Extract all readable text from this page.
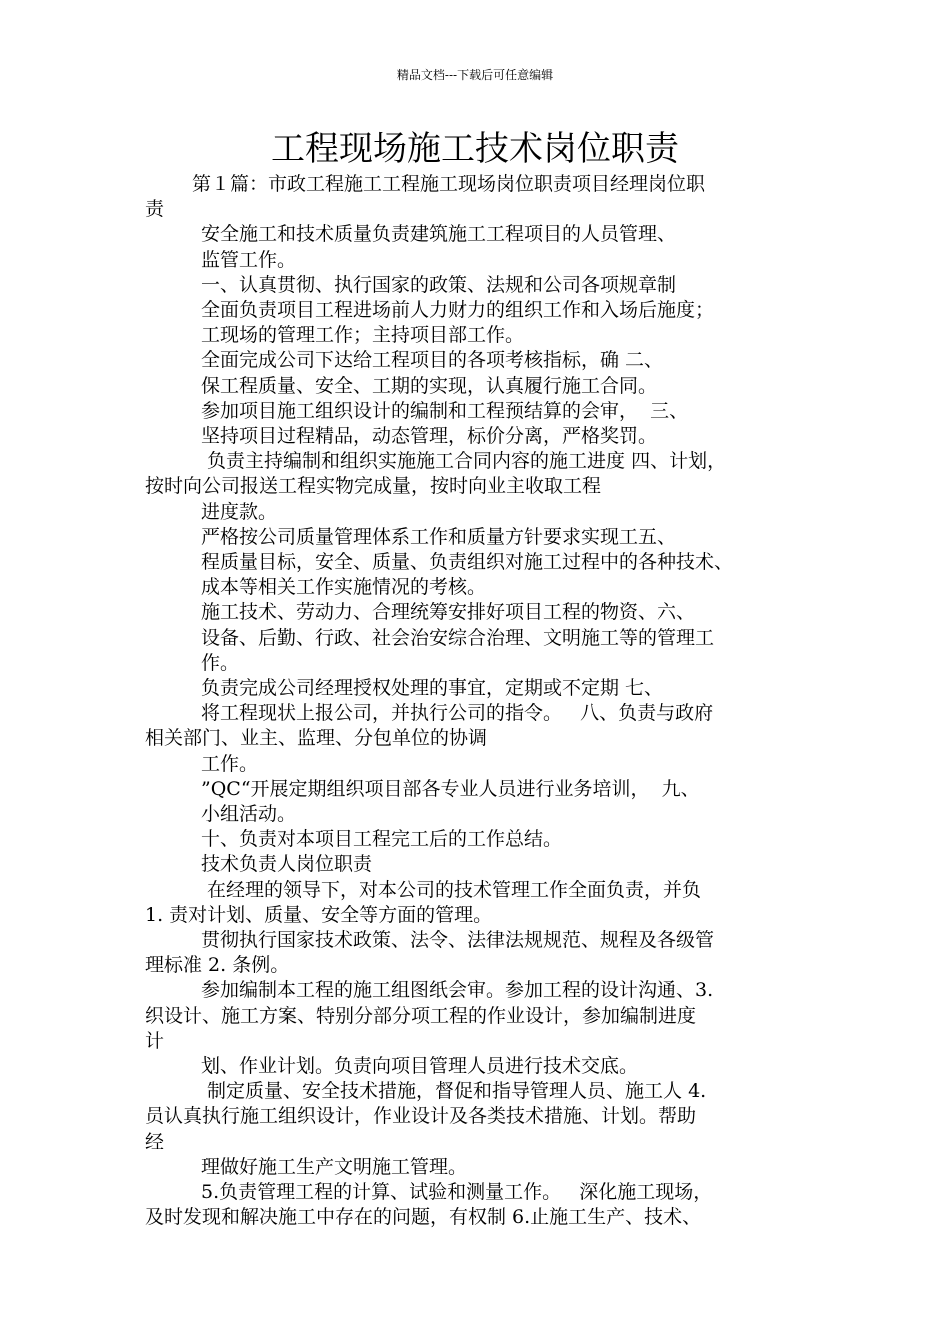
精品文档---下载后可任意编辑
工程现场施工技术岗位职责
第１篇：市政工程施工工程施工现场岗位职责项目经理岗位职
责
安全施工和技术质量负责建筑施工工程项目的人员管理、
监管工作。
一、认真贯彻、执行国家的政策、法规和公司各项规章制
全面负责项目工程进场前人力财力的组织工作和入场后施度；
工现场的管理工作；主持项目部工作。
全面完成公司下达给工程项目的各项考核指标，确 二、
保工程质量、安全、工期的实现，认真履行施工合同。
参加项目施工组织设计的编制和工程预结算的会审，  三、
坚持项目过程精品，动态管理，标价分离，严格奖罚。
负责主持编制和组织实施施工合同内容的施工进度 四、计划，
按时向公司报送工程实物完成量，按时向业主收取工程
进度款。
严格按公司质量管理体系工作和质量方针要求实现工五、
程质量目标，安全、质量、负责组织对施工过程中的各种技术、
成本等相关工作实施情况的考核。
施工技术、劳动力、合理统筹安排好项目工程的物资、六、
设备、后勤、行政、社会治安综合治理、文明施工等的管理工
作。
负责完成公司经理授权处理的事宜，定期或不定期 七、
将工程现状上报公司，并执行公司的指令。   八、负责与政府
相关部门、业主、监理、分包单位的协调
工作。
”QC“开展定期组织项目部各专业人员进行业务培训，  九、
小组活动。
十、负责对本项目工程完工后的工作总结。
技术负责人岗位职责
在经理的领导下，对本公司的技术管理工作全面负责，并负
1. 责对计划、质量、安全等方面的管理。
贯彻执行国家技术政策、法令、法律法规规范、规程及各级管
理标准 2. 条例。
参加编制本工程的施工组图纸会审。参加工程的设计沟通、3.
织设计、施工方案、特别分部分项工程的作业设计，参加编制进度
计
划、作业计划。负责向项目管理人员进行技术交底。
制定质量、安全技术措施，督促和指导管理人员、施工人 4.
员认真执行施工组织设计，作业设计及各类技术措施、计划。帮助
经
理做好施工生产文明施工管理。
5.负责管理工程的计算、试验和测量工作。   深化施工现场，
及时发现和解决施工中存在的问题，有权制 6.止施工生产、技术、
